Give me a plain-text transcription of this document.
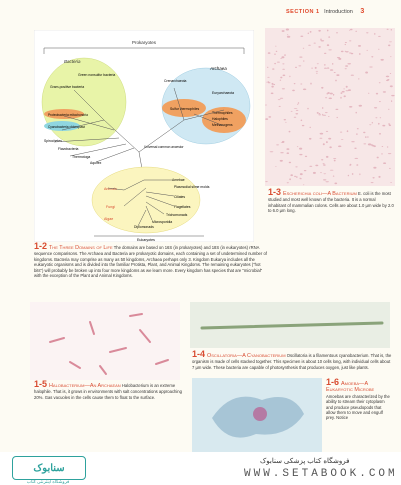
SECTION 1 Introduction 3
Prokaryotes
Bacteria
Green nonsulfur bacteria
Gram-positive bacteria
Proteobacteria mitochondria
Cyanobacteria chloroplast
Spirochetes
Flavobacteria
Thermotoga
Aquifex
Archaea
Crenarchaeota
Euryarchaeota
Sulfur thermophiles
Thermophiles
Halophiles
Methanogens
Universal common ancestor
Amebae
Plasmodial slime molds
Animals
Fungi
Algae
Ciliates
Flagellates
Trichomonads
Microsporidia
Diplomonads
Eukaryotes
1-3 Escherichia coli—A Bacterium E. coli is the most studied and most well known of the bacteria. It is a normal inhabitant of mammalian colons. Cells are about 1.0 µm wide by 2.0 to 6.0 µm long.
1-2 The Three Domains of Life The domains are based on 16S (in prokaryotes) and 18S (in eukaryotes) rRNA sequence comparisons. The Archaea and Bacteria are prokaryotic domains, each containing a set of undetermined number of kingdoms. Bacteria may comprise as many as 50 kingdoms, Archaea perhaps only 3. Kingdom Eukarya includes all the eukaryotic organisms and is divided into the familiar Protista, Plant, and Animal Kingdoms. The remaining eukaryotes ("hot bits") will probably be broken up into four more kingdoms as we learn more. Every kingdom has species that are "microbial" with the exception of the Plant and Animal Kingdoms.
1-4 Oscillatoria—A Cyanobacterium Oscillatoria is a filamentous cyanobacterium. That is, the organism is made of cells stacked together. This specimen is about 10 cells long, with individual cells about 7 µm wide. These bacteria are capable of photosynthesis that produces oxygen, just like plants.
1-5 Halobacterium—An Archaean Halobacterium is an extreme halophile. That is, it grows in environments with salt concentrations approaching 20%. Gas vacuoles in the cells cause them to float to the surface.
1-6 Amoeba—A Eukaryotic Microbe Amoebas are characterized by the ability to stream their cytoplasm and produce pseudopods that allow them to move and engulf prey. Notice
سنابوک
فروشگاه اینترنتی کتاب
فروشگاه کتاب پزشکی سنابوک
WWW.SETABOOK.COM
